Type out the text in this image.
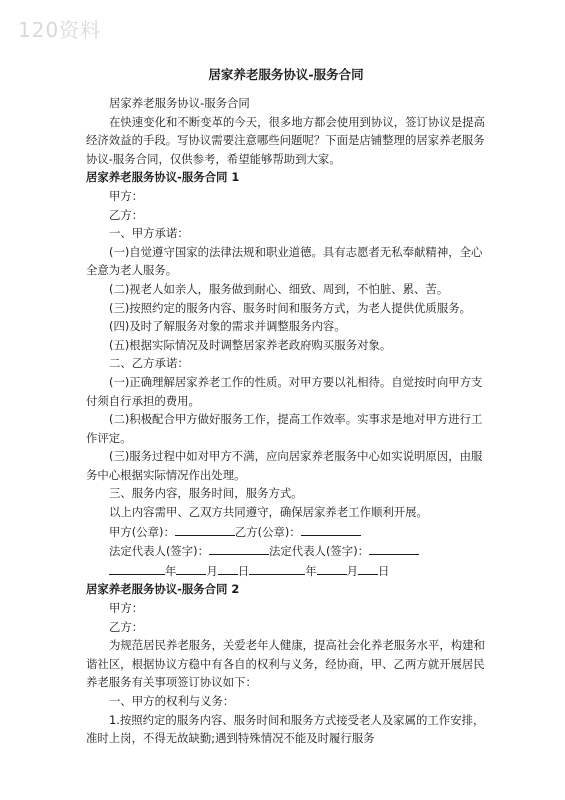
120资料

居家养老服务协议-服务合同

居家养老服务协议-服务合同

在快速变化和不断变革的今天，很多地方都会使用到协议，签订协议是提高经济效益的手段。写协议需要注意哪些问题呢？下面是店铺整理的居家养老服务协议-服务合同，仅供参考，希望能够帮助到大家。

居家养老服务协议-服务合同 1

甲方：

乙方：

一、甲方承诺：

(一)自觉遵守国家的法律法规和职业道德。具有志愿者无私奉献精神，全心全意为老人服务。

(二)视老人如亲人，服务做到耐心、细致、周到，不怕脏、累、苦。

(三)按照约定的服务内容、服务时间和服务方式，为老人提供优质服务。

(四)及时了解服务对象的需求并调整服务内容。

(五)根据实际情况及时调整居家养老政府购买服务对象。

二、乙方承诺：

(一)正确理解居家养老工作的性质。对甲方要以礼相待。自觉按时向甲方支付须自行承担的费用。

(二)积极配合甲方做好服务工作，提高工作效率。实事求是地对甲方进行工作评定。

(三)服务过程中如对甲方不满，应向居家养老服务中心如实说明原因，由服务中心根据实际情况作出处理。

三、服务内容，服务时间，服务方式。

以上内容需甲、乙双方共同遵守，确保居家养老工作顺利开展。

甲方(公章)：	乙方(公章)：

法定代表人(签字)：	法定代表人(签字)：

年	月 日	年	月 日

居家养老服务协议-服务合同 2

甲方：

乙方：

为规范居民养老服务，关爱老年人健康，提高社会化养老服务水平，构建和谐社区，根据协议方稳中有各自的权利与义务，经协商，甲、乙两方就开展居民养老服务有关事项签订协议如下：

一、甲方的权利与义务：

1.按照约定的服务内容、服务时间和服务方式接受老人及家属的工作安排，准时上岗，不得无故缺勤;遇到特殊情况不能及时履行服务
